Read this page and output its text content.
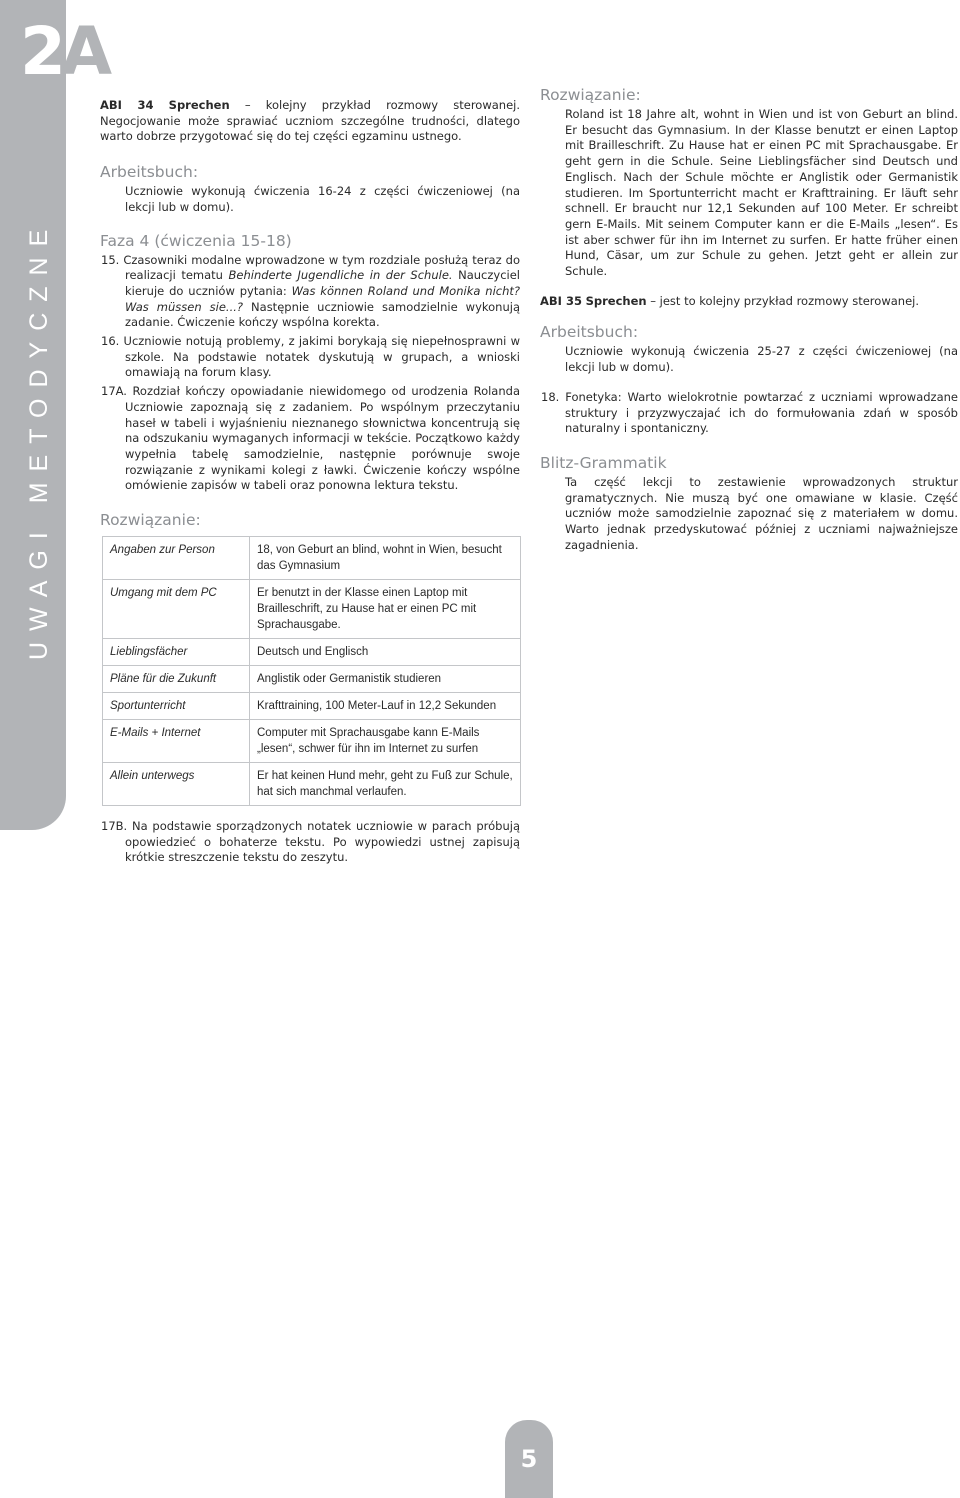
UWAGI METODYCZNE
2A

ABI 34 Sprechen – kolejny przykład rozmowy sterowanej. Negocjowanie może sprawiać uczniom szczególne trudności, dlatego warto dobrze przygotować się do tej części egzaminu ustnego.

Arbeitsbuch:

Uczniowie wykonują ćwiczenia 16-24 z części ćwiczeniowej (na lekcji lub w domu).

Faza 4 (ćwiczenia 15-18)

15. Czasowniki modalne wprowadzone w tym rozdziale posłużą teraz do realizacji tematu Behinderte Jugendliche in der Schule. Nauczyciel kieruje do uczniów pytania: Was können Roland und Monika nicht? Was müssen sie...? Następnie uczniowie samodzielnie wykonują zadanie. Ćwiczenie kończy wspólna korekta.

16. Uczniowie notują problemy, z jakimi borykają się niepełnosprawni w szkole. Na podstawie notatek dyskutują w grupach, a wnioski omawiają na forum klasy.

17A. Rozdział kończy opowiadanie niewidomego od urodzenia Rolanda Uczniowie zapoznają się z zadaniem. Po wspólnym przeczytaniu haseł w tabeli i wyjaśnieniu nieznanego słownictwa koncentrują się na odszukaniu wymaganych informacji w tekście. Początkowo każdy wypełnia tabelę samodzielnie, następnie porównuje swoje rozwiązanie z wynikami kolegi z ławki. Ćwiczenie kończy wspólne omówienie zapisów w tabeli oraz ponowna lektura tekstu.

Rozwiązanie:
Angaben zur Person	18, von Geburt an blind, wohnt in Wien, besucht das Gymnasium
Umgang mit dem PC	Er benutzt in der Klasse einen Laptop mit Brailleschrift, zu Hause hat er einen PC mit Sprachausgabe.
Lieblingsfächer	Deutsch und Englisch
Pläne für die Zukunft	Anglistik oder Germanistik studieren
Sportunterricht	Krafttraining, 100 Meter-Lauf in 12,2 Sekunden
E-Mails + Internet	Computer mit Sprachausgabe kann E-Mails „lesen“, schwer für ihn im Internet zu surfen
Allein unterwegs	Er hat keinen Hund mehr, geht zu Fuß zur Schule, hat sich manchmal verlaufen.

17B. Na podstawie sporządzonych notatek uczniowie w parach próbują opowiedzieć o bohaterze tekstu. Po wypowiedzi ustnej zapisują krótkie streszczenie tekstu do zeszytu.

Rozwiązanie:

Roland ist 18 Jahre alt, wohnt in Wien und ist von Geburt an blind. Er besucht das Gymnasium. In der Klasse benutzt er einen Laptop mit Brailleschrift. Zu Hause hat er einen PC mit Sprachausgabe. Er geht gern in die Schule. Seine Lieblingsfächer sind Deutsch und Englisch. Nach der Schule möchte er Anglistik oder Germanistik studieren. Im Sportunterricht macht er Krafttraining. Er läuft sehr schnell. Er braucht nur 12,1 Sekunden auf 100 Meter. Er schreibt gern E-Mails. Mit seinem Computer kann er die E-Mails „lesen“. Es ist aber schwer für ihn im Internet zu surfen. Er hatte früher einen Hund, Cäsar, um zur Schule zu gehen. Jetzt geht er allein zur Schule.

ABI 35 Sprechen – jest to kolejny przykład rozmowy sterowanej.

Arbeitsbuch:

Uczniowie wykonują ćwiczenia 25-27 z części ćwiczeniowej (na lekcji lub w domu).

18. Fonetyka: Warto wielokrotnie powtarzać z uczniami wprowadzane struktury i przyzwyczajać ich do formułowania zdań w sposób naturalny i spontaniczny.

Blitz-Grammatik

Ta część lekcji to zestawienie wprowadzonych struktur gramatycznych. Nie muszą być one omawiane w klasie. Część uczniów może samodzielnie zapoznać się z materiałem w domu. Warto jednak przedyskutować później z uczniami najważniejsze zagadnienia.

5
